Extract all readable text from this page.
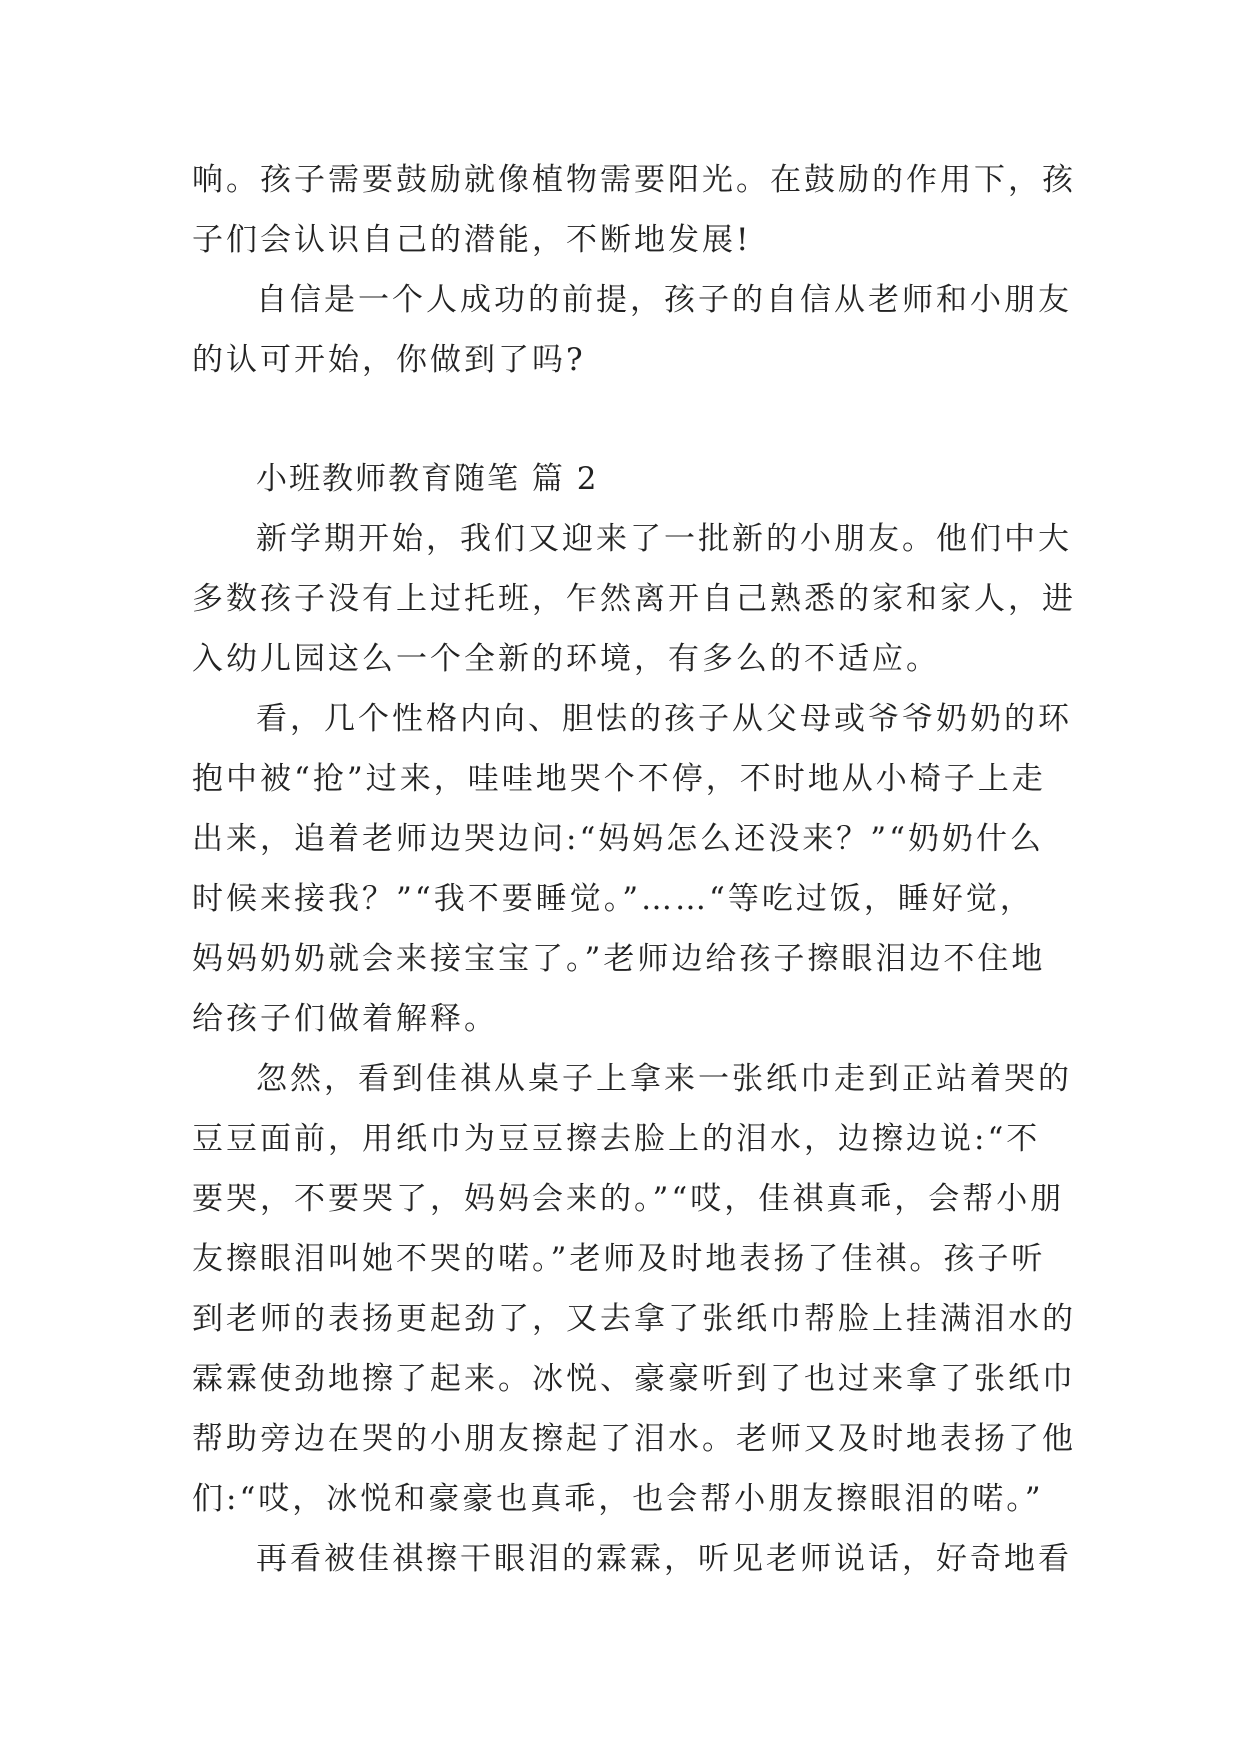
响。孩子需要鼓励就像植物需要阳光。在鼓励的作用下，孩
子们会认识自己的潜能，不断地发展!
自信是一个人成功的前提，孩子的自信从老师和小朋友
的认可开始，你做到了吗?
小班教师教育随笔 篇 2
新学期开始，我们又迎来了一批新的小朋友。他们中大
多数孩子没有上过托班，乍然离开自己熟悉的家和家人，进
入幼儿园这么一个全新的环境，有多么的不适应。
看，几个性格内向、胆怯的孩子从父母或爷爷奶奶的环
抱中被“抢”过来，哇哇地哭个不停，不时地从小椅子上走
出来，追着老师边哭边问:“妈妈怎么还没来？”“奶奶什么
时候来接我？”“我不要睡觉。”……“等吃过饭，睡好觉，
妈妈奶奶就会来接宝宝了。”老师边给孩子擦眼泪边不住地
给孩子们做着解释。
忽然，看到佳祺从桌子上拿来一张纸巾走到正站着哭的
豆豆面前，用纸巾为豆豆擦去脸上的泪水，边擦边说:“不
要哭，不要哭了，妈妈会来的。”“哎，佳祺真乖，会帮小朋
友擦眼泪叫她不哭的喏。”老师及时地表扬了佳祺。孩子听
到老师的表扬更起劲了，又去拿了张纸巾帮脸上挂满泪水的
霖霖使劲地擦了起来。冰悦、豪豪听到了也过来拿了张纸巾
帮助旁边在哭的小朋友擦起了泪水。老师又及时地表扬了他
们:“哎，冰悦和豪豪也真乖，也会帮小朋友擦眼泪的喏。”
再看被佳祺擦干眼泪的霖霖，听见老师说话，好奇地看
